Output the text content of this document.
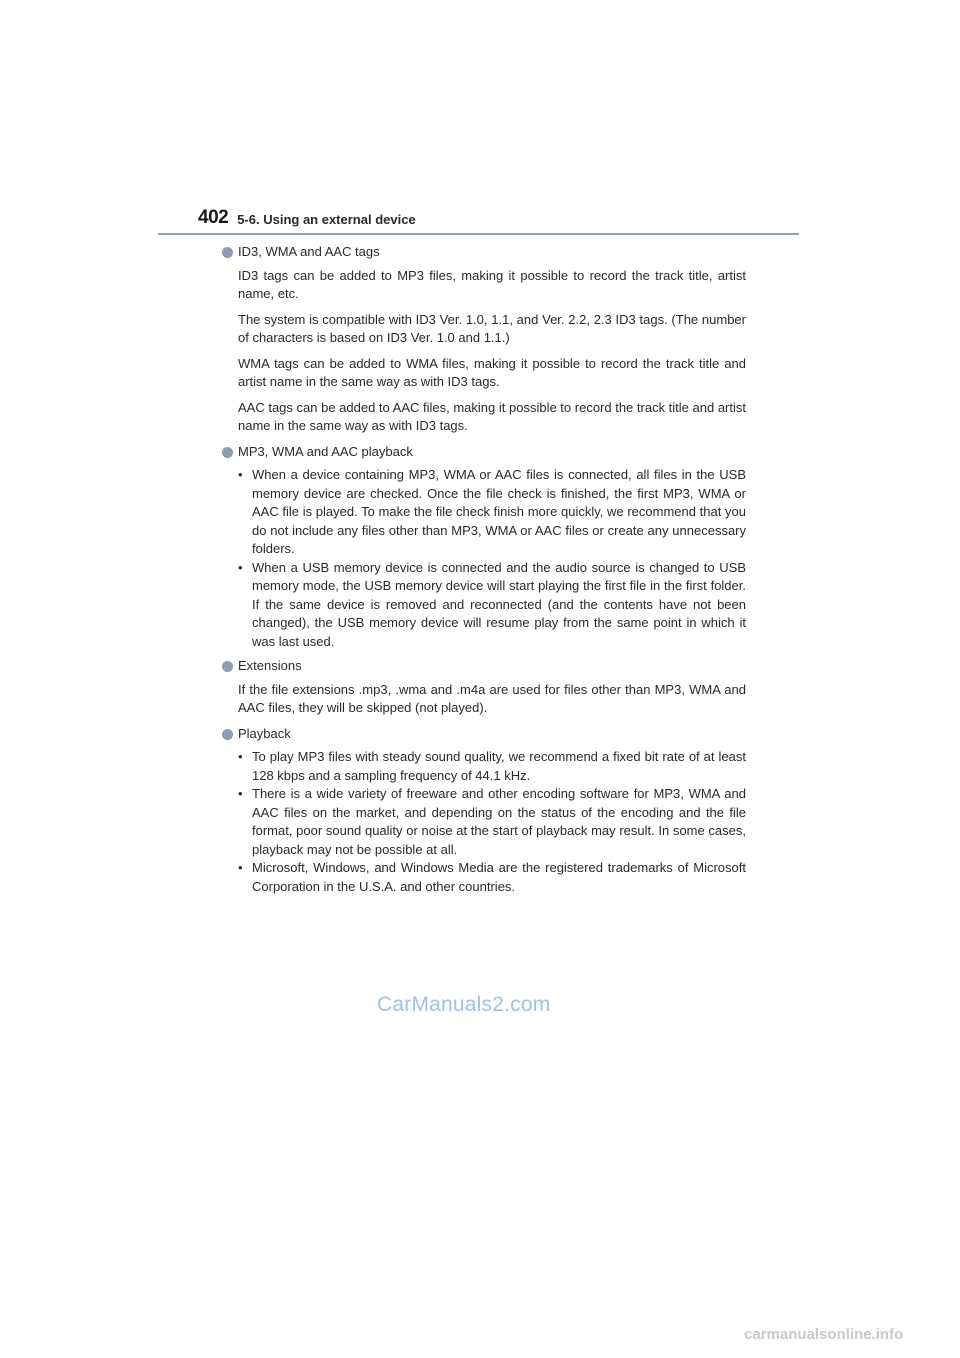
402 5-6. Using an external device
ID3, WMA and AAC tags

ID3 tags can be added to MP3 files, making it possible to record the track title, artist name, etc.

The system is compatible with ID3 Ver. 1.0, 1.1, and Ver. 2.2, 2.3 ID3 tags. (The number of characters is based on ID3 Ver. 1.0 and 1.1.)

WMA tags can be added to WMA files, making it possible to record the track title and artist name in the same way as with ID3 tags.

AAC tags can be added to AAC files, making it possible to record the track title and artist name in the same way as with ID3 tags.

MP3, WMA and AAC playback

• When a device containing MP3, WMA or AAC files is connected, all files in the USB memory device are checked. Once the file check is finished, the first MP3, WMA or AAC file is played. To make the file check finish more quickly, we recommend that you do not include any files other than MP3, WMA or AAC files or create any unnecessary folders.

• When a USB memory device is connected and the audio source is changed to USB memory mode, the USB memory device will start playing the first file in the first folder. If the same device is removed and reconnected (and the contents have not been changed), the USB memory device will resume play from the same point in which it was last used.

Extensions

If the file extensions .mp3, .wma and .m4a are used for files other than MP3, WMA and AAC files, they will be skipped (not played).

Playback

• To play MP3 files with steady sound quality, we recommend a fixed bit rate of at least 128 kbps and a sampling frequency of 44.1 kHz.

• There is a wide variety of freeware and other encoding software for MP3, WMA and AAC files on the market, and depending on the status of the encoding and the file format, poor sound quality or noise at the start of playback may result. In some cases, playback may not be possible at all.

• Microsoft, Windows, and Windows Media are the registered trademarks of Microsoft Corporation in the U.S.A. and other countries.

CarManuals2.com
carmanualsonline.info
